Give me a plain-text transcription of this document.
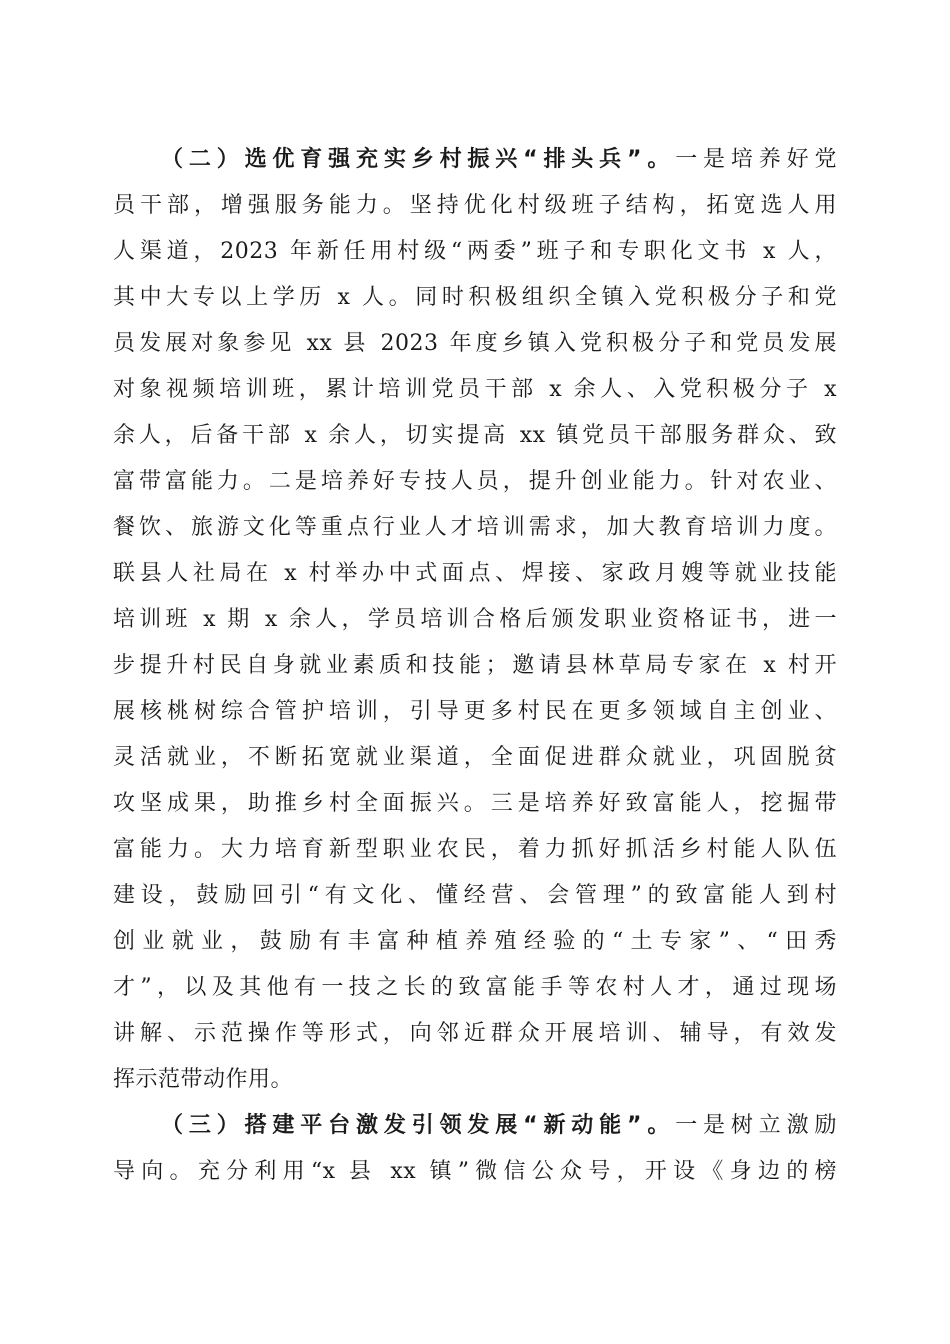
（二）选优育强充实乡村振兴“排头兵”。一是培养好党
员干部，增强服务能力。坚持优化村级班子结构，拓宽选人用
人渠道，2023 年新任用村级“两委”班子和专职化文书 x 人，
其中大专以上学历 x 人。同时积极组织全镇入党积极分子和党
员发展对象参见 xx 县 2023 年度乡镇入党积极分子和党员发展
对象视频培训班，累计培训党员干部 x 余人、入党积极分子 x
余人，后备干部 x 余人，切实提高 xx 镇党员干部服务群众、致
富带富能力。二是培养好专技人员，提升创业能力。针对农业、
餐饮、旅游文化等重点行业人才培训需求，加大教育培训力度。
联县人社局在 x 村举办中式面点、焊接、家政月嫂等就业技能
培训班 x 期 x 余人，学员培训合格后颁发职业资格证书，进一
步提升村民自身就业素质和技能；邀请县林草局专家在 x 村开
展核桃树综合管护培训，引导更多村民在更多领域自主创业、
灵活就业，不断拓宽就业渠道，全面促进群众就业，巩固脱贫
攻坚成果，助推乡村全面振兴。三是培养好致富能人，挖掘带
富能力。大力培育新型职业农民，着力抓好抓活乡村能人队伍
建设，鼓励回引“有文化、懂经营、会管理”的致富能人到村
创业就业，鼓励有丰富种植养殖经验的“土专家”、“田秀
才”，以及其他有一技之长的致富能手等农村人才，通过现场
讲解、示范操作等形式，向邻近群众开展培训、辅导，有效发
挥示范带动作用。
（三）搭建平台激发引领发展“新动能”。一是树立激励
导向。充分利用“x 县 xx 镇”微信公众号，开设《身边的榜
